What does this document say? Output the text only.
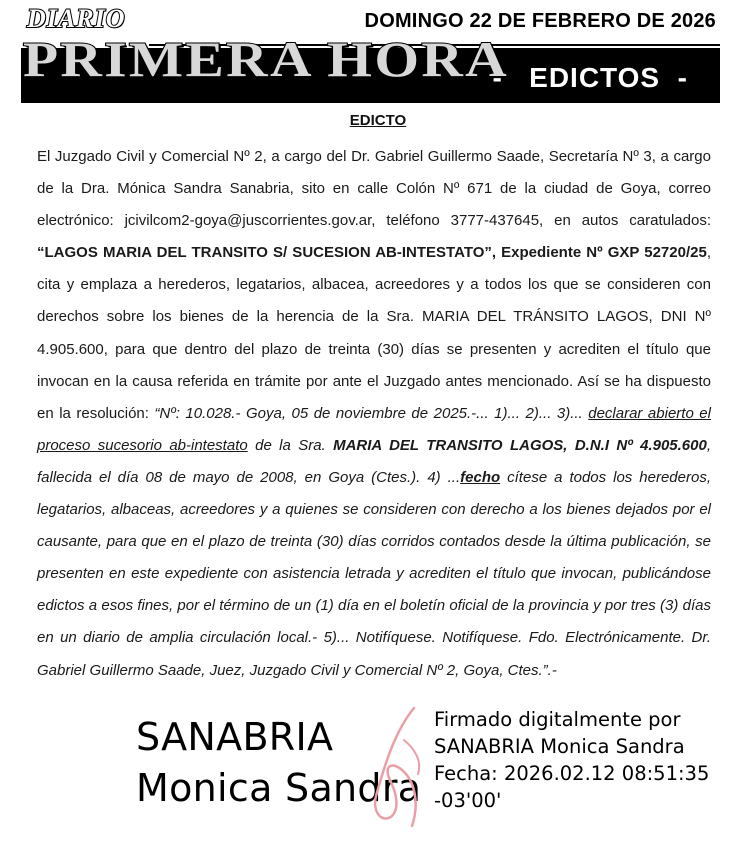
DIARIO
PRIMERA HORA
DOMINGO 22 DE FEBRERO DE 2026
-   EDICTOS  -
EDICTO
El Juzgado Civil y Comercial Nº 2, a cargo del Dr. Gabriel Guillermo Saade, Secretaría Nº 3, a cargo de la Dra. Mónica Sandra Sanabria, sito en calle Colón Nº 671 de la ciudad de Goya, correo electrónico: jcivilcom2-goya@juscorrientes.gov.ar, teléfono 3777-437645, en autos caratulados: “LAGOS MARIA DEL TRANSITO S/ SUCESION AB-INTESTATO”, Expediente Nº GXP 52720/25, cita y emplaza a herederos, legatarios, albacea, acreedores y a todos los que se consideren con derechos sobre los bienes de la herencia de la Sra. MARIA DEL TRÁNSITO LAGOS, DNI Nº 4.905.600, para que dentro del plazo de treinta (30) días se presenten y acrediten el título que invocan en la causa referida en trámite por ante el Juzgado antes mencionado. Así se ha dispuesto en la resolución: “Nº: 10.028.- Goya, 05 de noviembre de 2025.-... 1)... 2)... 3)... declarar abierto el proceso sucesorio ab-intestato de la Sra. MARIA DEL TRANSITO LAGOS, D.N.I Nº 4.905.600, fallecida el día 08 de mayo de 2008, en Goya (Ctes.). 4) ...fecho cítese a todos los herederos, legatarios, albaceas, acreedores y a quienes se consideren con derecho a los bienes dejados por el causante, para que en el plazo de treinta (30) días corridos contados desde la última publicación, se presenten en este expediente con asistencia letrada y acrediten el título que invocan, publicándose edictos a esos fines, por el término de un (1) día en el boletín oficial de la provincia y por tres (3) días en un diario de amplia circulación local.- 5)... Notifíquese. Notifíquese. Fdo. Electrónicamente. Dr. Gabriel Guillermo Saade, Juez, Juzgado Civil y Comercial Nº 2, Goya, Ctes.”.-
SANABRIA
Monica Sandra
Firmado digitalmente por
SANABRIA Monica Sandra
Fecha: 2026.02.12 08:51:35
-03'00'
